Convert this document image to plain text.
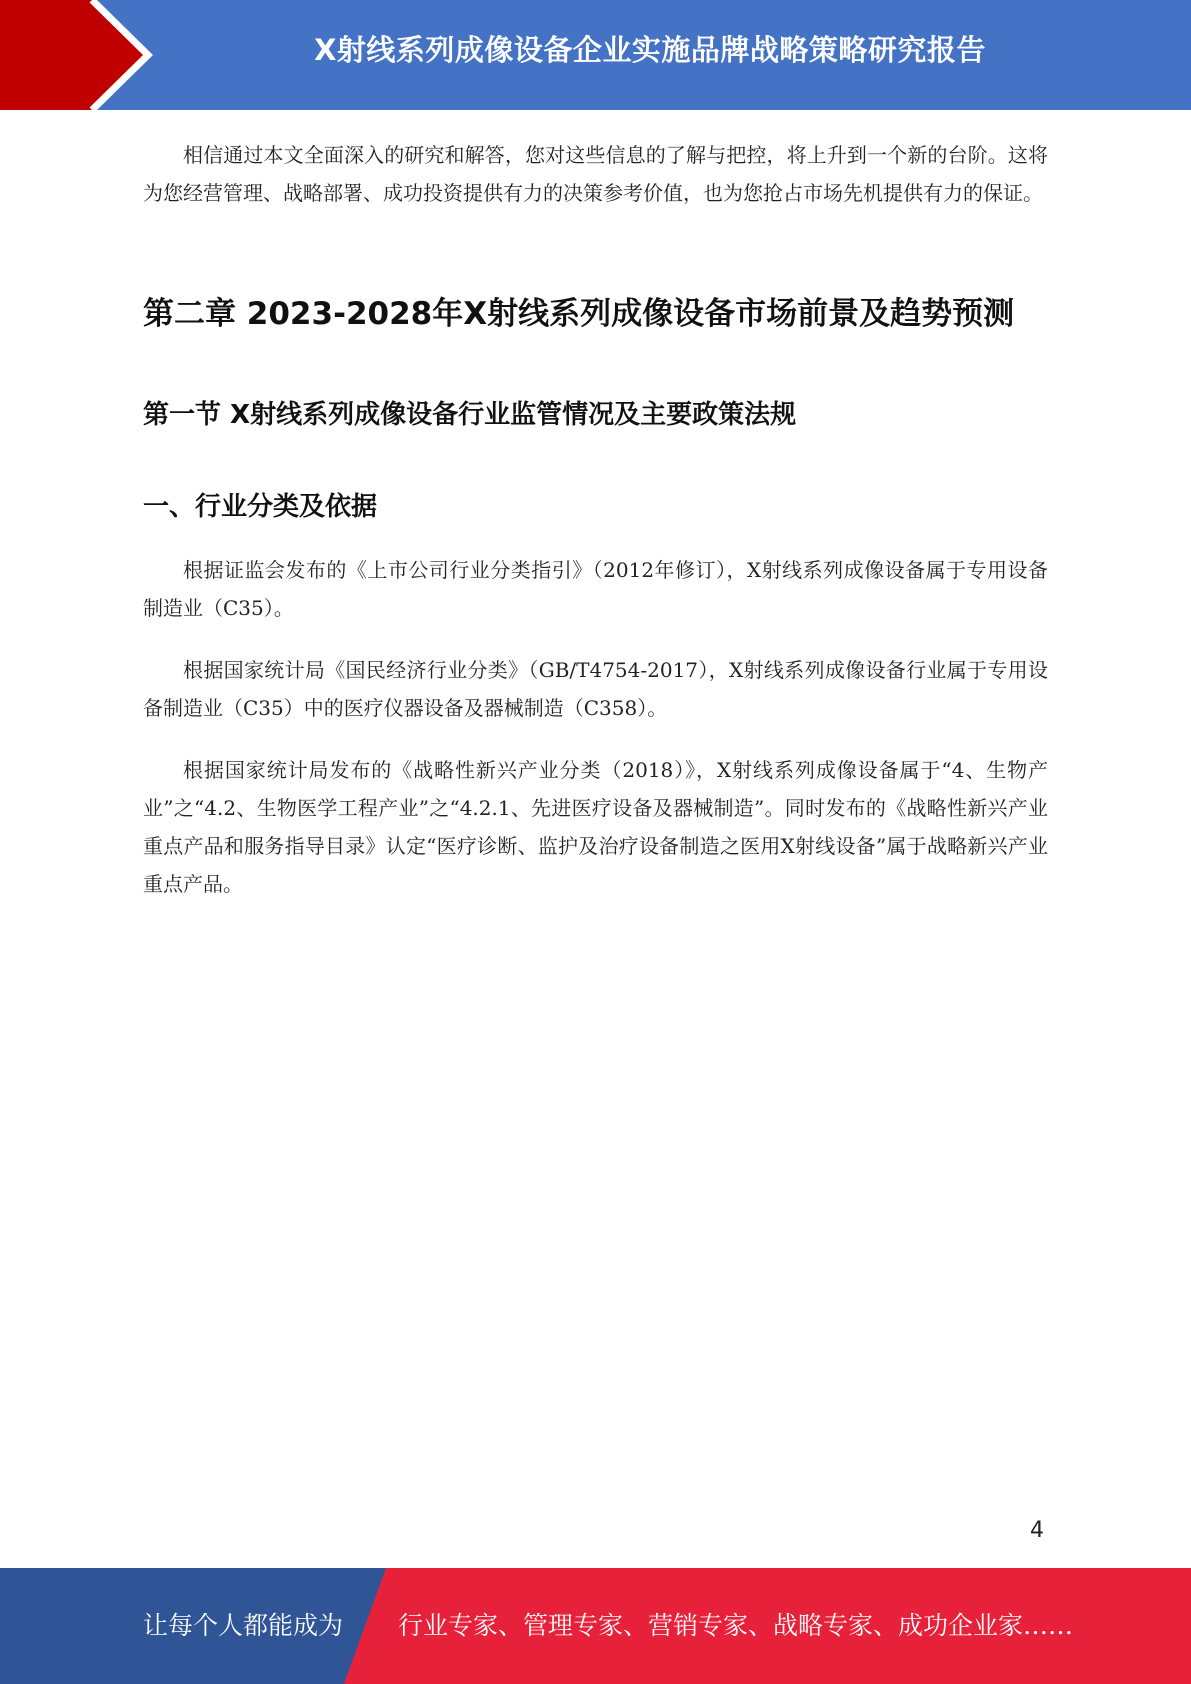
X射线系列成像设备企业实施品牌战略策略研究报告

相信通过本文全面深入的研究和解答，您对这些信息的了解与把控，将上升到一个新的台阶。这将为您经营管理、战略部署、成功投资提供有力的决策参考价值，也为您抢占市场先机提供有力的保证。

第二章 2023-2028年X射线系列成像设备市场前景及趋势预测
第一节 X射线系列成像设备行业监管情况及主要政策法规
一、行业分类及依据

根据证监会发布的《上市公司行业分类指引》（2012年修订），X射线系列成像设备属于专用设备制造业（C35）。

根据国家统计局《国民经济行业分类》（GB/T4754-2017），X射线系列成像设备行业属于专用设备制造业（C35）中的医疗仪器设备及器械制造（C358）。

根据国家统计局发布的《战略性新兴产业分类（2018）》，X射线系列成像设备属于“4、生物产业”之“4.2、生物医学工程产业”之“4.2.1、先进医疗设备及器械制造”。同时发布的《战略性新兴产业重点产品和服务指导目录》认定“医疗诊断、监护及治疗设备制造之医用X射线设备”属于战略新兴产业重点产品。

4
让每个人都能成为 行业专家、管理专家、营销专家、战略专家、成功企业家……
